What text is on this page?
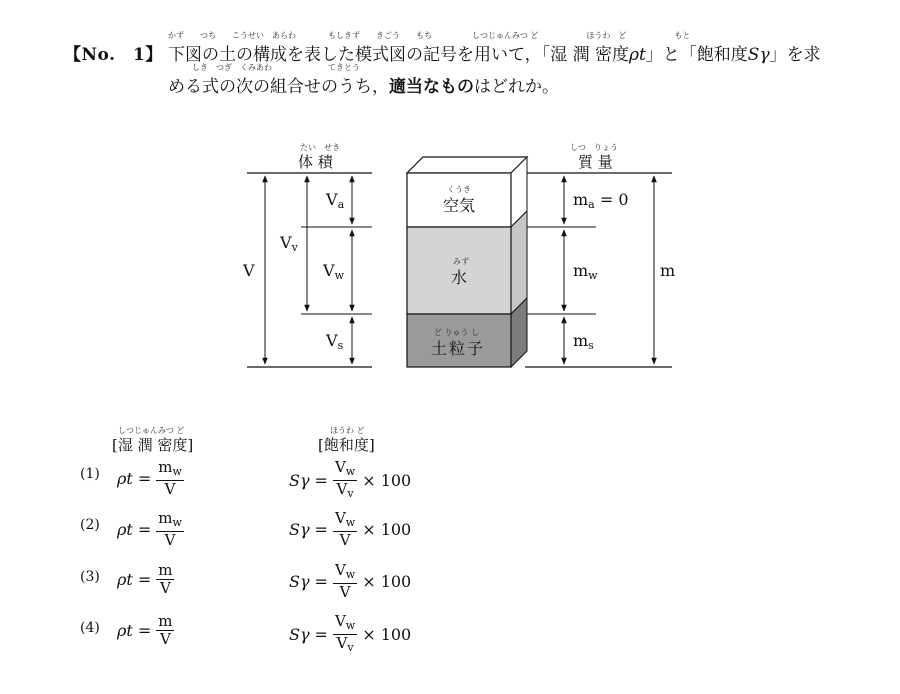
【No.　1】
かず　　つち　　こうせい　あらわ　　　　もしきず　　きごう　　もち　　　　　しつじゅんみつ ど　　　　　　ほうわ　ど　　　　　　もと
下図の土の構成を表した模式図の記号を用いて，「湿 潤 密度ρt」と「飽和度Sγ」を求
　　　しき　つぎ　くみあわ　　　　　　　てきとう
める式の次の組合せのうち，適当なものはどれか。
たい　せき
体 積
しつ　りょう
質 量
V
$V_v$
$V_a$
$V_w$
$V_s$
くうき
空気
みず
水
ど りゅう し
土粒子
$m_a = 0$
$m_w$
$m_s$
m
しつじゅんみつ ど
[湿 潤 密度]
ほうわ ど
[飽和度]
(1) $\rho t = \frac{m_w}{V}$	$S\gamma = \frac{V_w}{V_v} \times 100$
(2) $\rho t = \frac{m_w}{V}$	$S\gamma = \frac{V_w}{V} \times 100$
(3) $\rho t = \frac{m}{V}$	$S\gamma = \frac{V_w}{V} \times 100$
(4) $\rho t = \frac{m}{V}$	$S\gamma = \frac{V_w}{V_v} \times 100$
